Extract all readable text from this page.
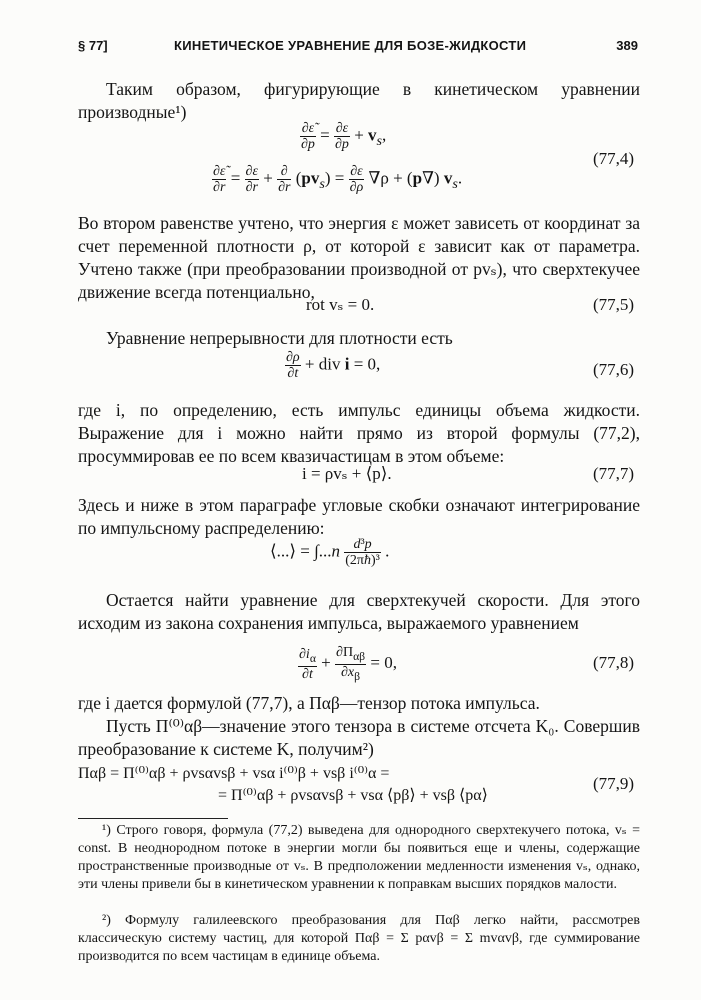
§ 77]	КИНЕТИЧЕСКОЕ УРАВНЕНИЕ ДЛЯ БОЗЕ-ЖИДКОСТИ	389

Таким образом, фигурирующие в кинетическом уравнении производные¹)

$\frac{\partial\varepsiloñ}{\partial p} = \frac{\partial\varepsilon}{\partial p} + v_s$,
(77,4)
$\frac{\partial\varepsiloñ}{\partial r} = \frac{\partial\varepsilon}{\partial r}$ + ∂
∂r
$(pv_s) = \frac{\partial\varepsilon}{\partial\rho} \nabla\rho + (p\nabla)$ $v_s$.

Во втором равенстве учтено, что энергия ε может зависеть от координат за счет переменной плотности ρ, от которой ε зависит как от параметра. Учтено также (при преобразовании производной от pvₛ), что сверхтекучее движение всегда потенциально,

rot vₛ = 0.	(77,5)

Уравнение непрерывности для плотности есть

$\frac{\partial\rho}{\partial t}$ + div i = 0,	(77,6)

где i, по определению, есть импульс единицы объема жидкости. Выражение для i можно найти прямо из второй формулы (77,2), просуммировав ее по всем квазичастицам в этом объеме:

i = ρvₛ + ⟨p⟩.	(77,7)

Здесь и ниже в этом параграфе угловые скобки означают интегрирование по импульсному распределению:

⟨...⟩ = $\int...n \frac{\text{d³p}}{\text{(2πħ)³}}$ .

Остается найти уравнение для сверхтекучей скорости. Для этого исходим из закона сохранения импульса, выражаемого уравнением

$\frac{\partial i_\alpha}{\partial t}$ +
$\partial\Pi_{\alpha\beta}$
$\partial x_\beta$
= 0,	(77,8)

где i дается формулой (77,7), а Παβ—тензор потока импульса.

Пусть Π⁽⁰⁾αβ—значение этого тензора в системе отсчета K₀. Совершив преобразование к системе K, получим²)

Παβ = Π⁽⁰⁾αβ + ρvsαvsβ + vsα i⁽⁰⁾β + vsβ i⁽⁰⁾α =
= Π⁽⁰⁾αβ + ρvsαvsβ + vsα ⟨pβ⟩ + vsβ ⟨pα⟩
(77,9)

¹) Строго говоря, формула (77,2) выведена для однородного сверхтекучего потока, vₛ = const. В неоднородном потоке в энергии могли бы появиться еще и члены, содержащие пространственные производные от vₛ. В предположении медленности изменения vₛ, однако, эти члены привели бы в кинетическом уравнении к поправкам высших порядков малости.

²) Формулу галилеевского преобразования для Παβ легко найти, рассмотрев классическую систему частиц, для которой Παβ = Σ pαvβ = Σ mvαvβ, где суммирование производится по всем частицам в единице объема.
